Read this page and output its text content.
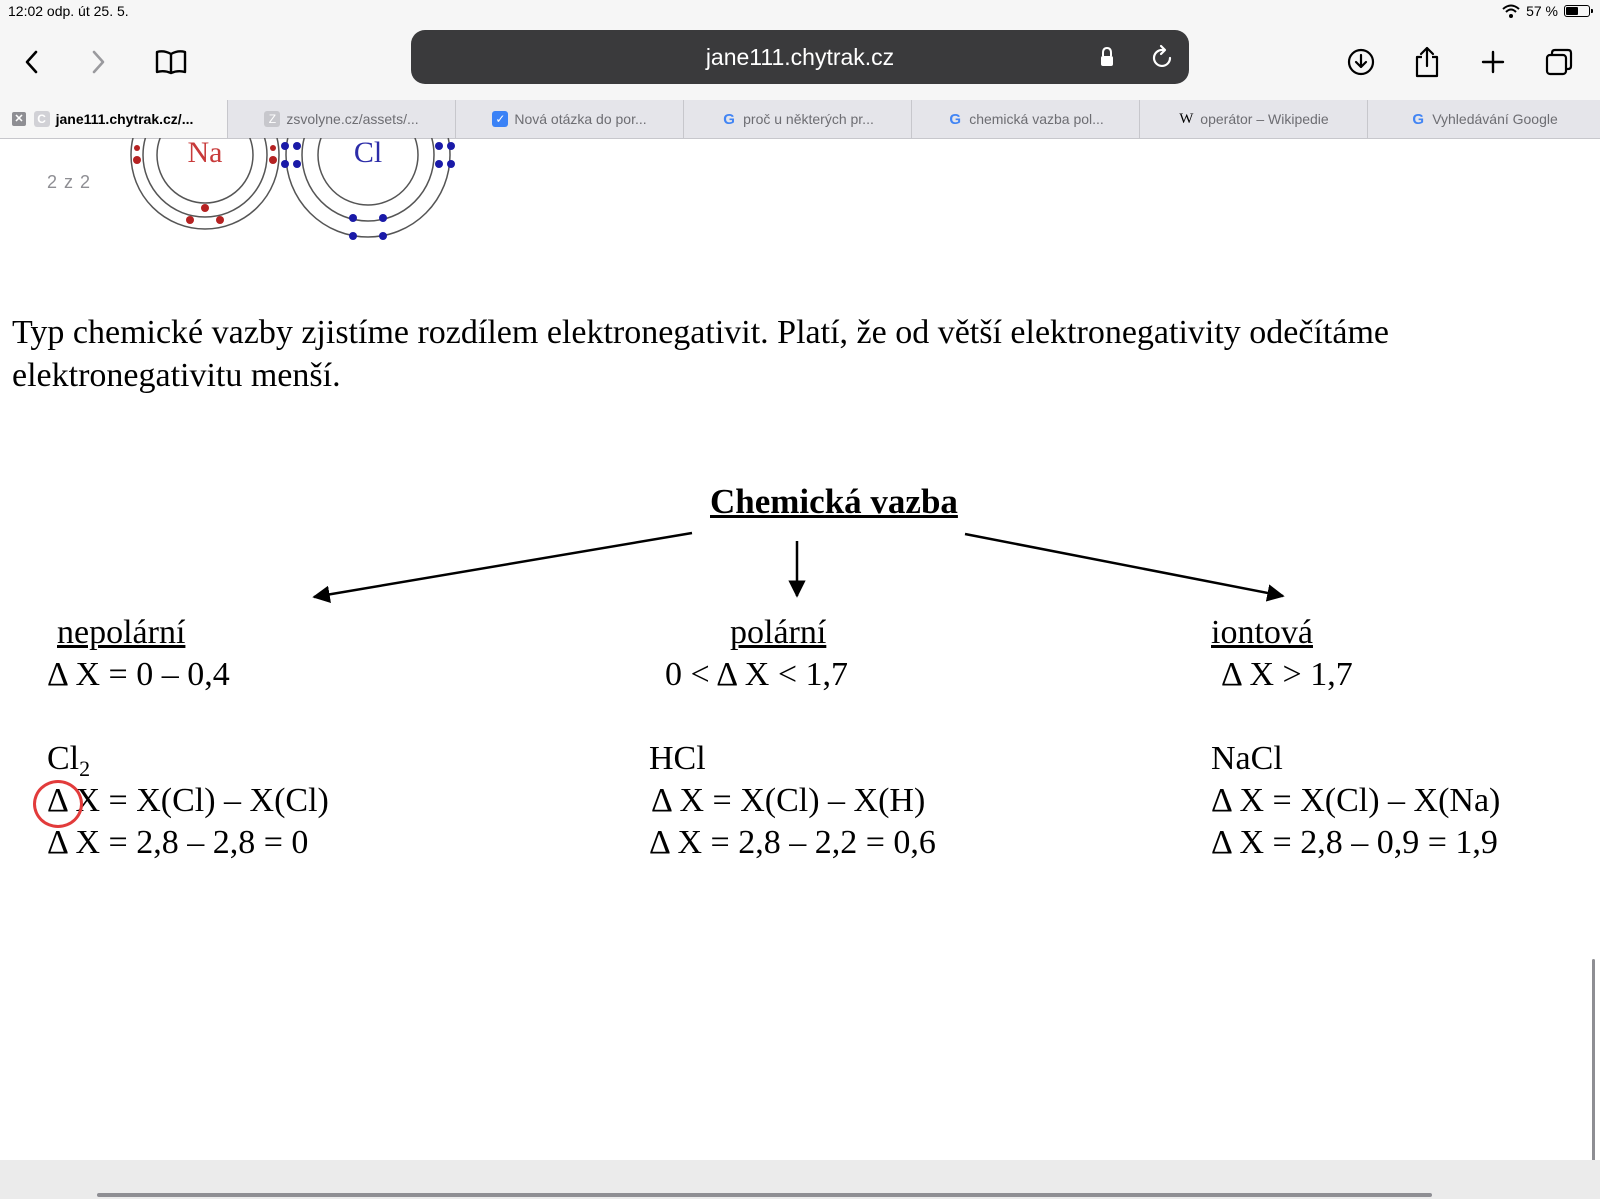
12:02 odp. út 25. 5.	57 %
jane111.chytrak.cz
✕	C jane111.chytrak.cz/...	Z zsvolyne.cz/assets/...	✓ Nová otázka do por...	G proč u některých pr...	G chemická vazba pol...	W operátor – Wikipedie	G Vyhledávání Google
2 z 2
Na	Cl
Typ chemické vazby zjistíme rozdílem elektronegativit. Platí, že od větší elektronegativity odečítáme elektronegativitu menší.
Chemická vazba
nepolární
Δ X = 0 – 0,4
$Cl_2$
Δ X = X(Cl) – X(Cl)
Δ X = 2,8 – 2,8 = 0
polární
0 < Δ X < 1,7
HCl
Δ X = X(Cl) – X(H)
Δ X = 2,8 – 2,2 = 0,6
iontová
Δ X > 1,7
NaCl
Δ X = X(Cl) – X(Na)
Δ X = 2,8 – 0,9 = 1,9
